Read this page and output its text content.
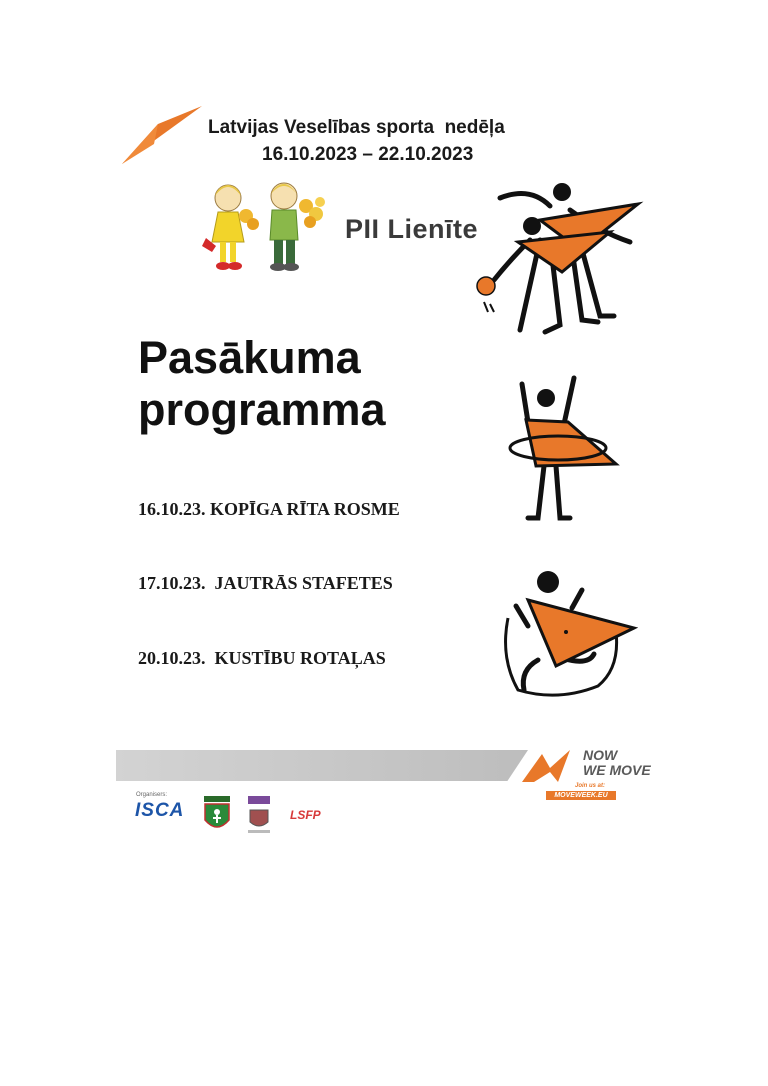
Latvijas Veselības sporta  nedēļa
16.10.2023 – 22.10.2023
PII Lienīte
Pasākuma
programma
16.10.23. KOPĪGA RĪTA ROSME
17.10.23.  JAUTRĀS STAFETES
20.10.23.  KUSTĪBU ROTAĻAS
NOW
WE MOVE
Join us at:
MOVEWEEK.EU
Organisers:
ISCA	LSFP
